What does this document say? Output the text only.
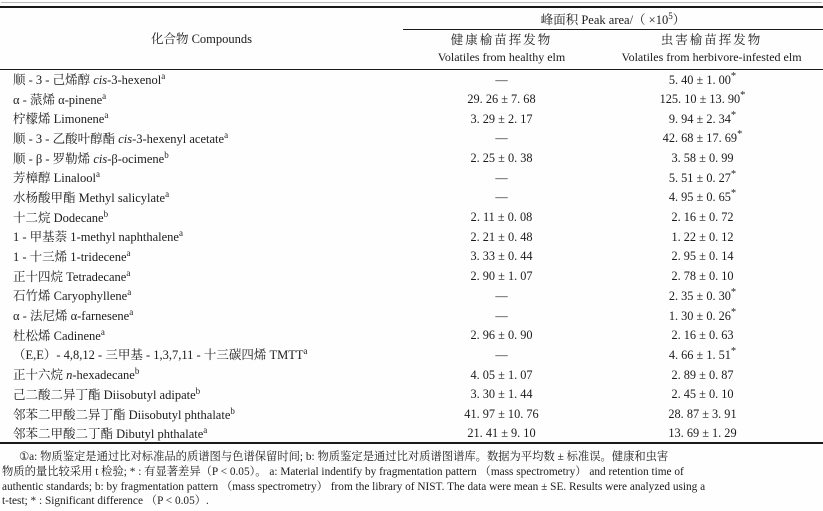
化合物 Compounds	峰面积 Peak area/（ $\times 10^5$）	

健康榆苗挥发物
Volatiles from healthy elm

虫害榆苗挥发物
Volatiles from herbivore-infested elm

顺 - 3 - 己烯醇 cis-3-hexenol$^a$	—	5. 40 ± 1. 00*
α - 蒎烯 α-pinene$^a$	29. 26 ± 7. 68	125. 10 ± 13. 90*
柠檬烯 Limonene$^a$	3. 29 ± 2. 17	9. 94 ± 2. 34*
顺 - 3 - 乙酸叶醇酯 cis-3-hexenyl acetate$^a$	—	42. 68 ± 17. 69*
顺 - β - 罗勒烯 cis-β-ocimene$^b$	2. 25 ± 0. 38	3. 58 ± 0. 99
芳樟醇 Linalool$^a$	—	5. 51 ± 0. 27*
水杨酸甲酯 Methyl salicylate$^a$	—	4. 95 ± 0. 65*
十二烷 Dodecane$^b$	2. 11 ± 0. 08	2. 16 ± 0. 72
1 - 甲基萘 1-methyl naphthalene$^a$	2. 21 ± 0. 48	1. 22 ± 0. 12
1 - 十三烯 1-tridecene$^a$	3. 33 ± 0. 44	2. 95 ± 0. 14
正十四烷 Tetradecane$^a$	2. 90 ± 1. 07	2. 78 ± 0. 10
石竹烯 Caryophyllene$^a$	—	2. 35 ± 0. 30*
α - 法尼烯 α-farnesene$^a$	—	1. 30 ± 0. 26*
杜松烯 Cadinene$^a$	2. 96 ± 0. 90	2. 16 ± 0. 63
（E,E）- 4,8,12 - 三甲基 - 1,3,7,11 - 十三碳四烯 TMTT$^a$	—	4. 66 ± 1. 51*
正十六烷 n-hexadecane$^b$	4. 05 ± 1. 07	2. 89 ± 0. 87
己二酸二异丁酯 Diisobutyl adipate$^b$	3. 30 ± 1. 44	2. 45 ± 0. 10
邻苯二甲酸二异丁酯 Diisobutyl phthalate$^b$	41. 97 ± 10. 76	28. 87 ± 3. 91
邻苯二甲酸二丁酯 Dibutyl phthalate$^a$	21. 41 ± 9. 10	13. 69 ± 1. 29
①a: 物质鉴定是通过比对标准品的质谱图与色谱保留时间; b: 物质鉴定是通过比对质谱图谱库。数据为平均数 ± 标准误。健康和虫害
物质的量比较采用 t 检验; * : 有显著差异（P < 0.05）。 a: Material indentify by fragmentation pattern （mass spectrometry） and retention time of
authentic standards; b: by fragmentation pattern （mass spectrometry） from the library of NIST. The data were mean ± SE. Results were analyzed using a
t-test; * : Significant difference （P < 0.05）.
